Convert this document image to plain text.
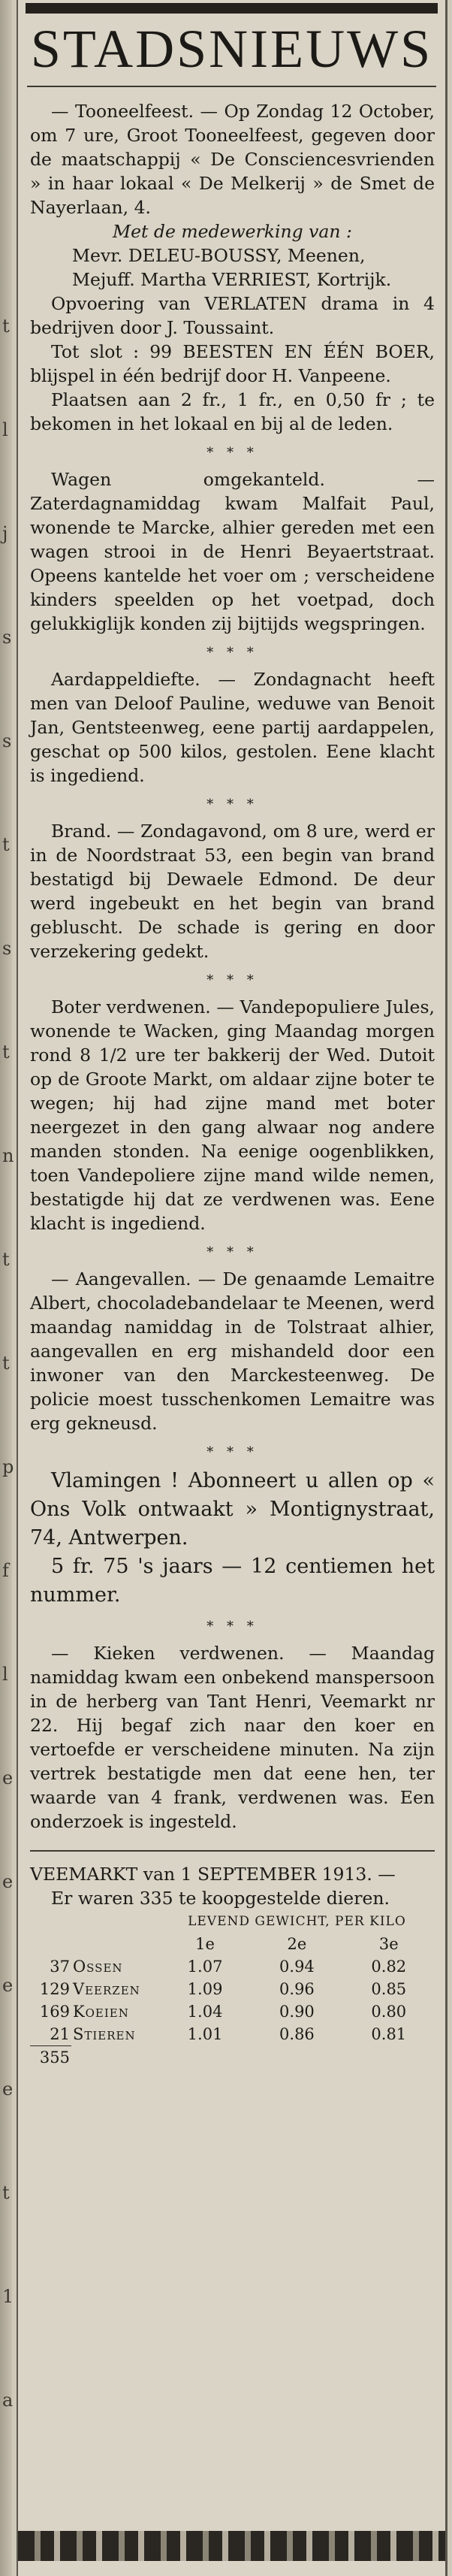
t
l
j
s
s
t
s
t
n
t
t
p
f
l
e
e
e
e
t
1
a
STADSNIEUWS

— Tooneelfeest. — Op Zondag 12 October, om 7 ure, Groot Tooneelfeest, gegeven door de maatschappij « De Consciencesvrienden » in haar lokaal « De Melkerij » de Smet de Nayerlaan, 4.

Met de medewerking van :

Mevr. DELEU-BOUSSY, Meenen,

Mejuff. Martha VERRIEST, Kortrijk.

Opvoering van VERLATEN drama in 4 bedrijven door J. Toussaint.

Tot slot : 99 BEESTEN EN ÉÉN BOER, blijspel in één bedrijf door H. Vanpeene.

Plaatsen aan 2 fr., 1 fr., en 0,50 fr ; te bekomen in het lokaal en bij al de leden.

* * *

Wagen omgekanteld. — Zaterdagnamiddag kwam Malfait Paul, wonende te Marcke, alhier gereden met een wagen strooi in de Henri Beyaertstraat. Opeens kantelde het voer om ; verscheidene kinders speelden op het voetpad, doch gelukkiglijk konden zij bijtijds wegspringen.

* * *

Aardappeldiefte. — Zondagnacht heeft men van Deloof Pauline, weduwe van Benoit Jan, Gentsteenweg, eene partij aardappelen, geschat op 500 kilos, gestolen. Eene klacht is ingediend.

* * *

Brand. — Zondagavond, om 8 ure, werd er in de Noordstraat 53, een begin van brand bestatigd bij Dewaele Edmond. De deur werd ingebeukt en het begin van brand gebluscht. De schade is gering en door verzekering gedekt.

* * *

Boter verdwenen. — Vandepopuliere Jules, wonende te Wacken, ging Maandag morgen rond 8 1/2 ure ter bakkerij der Wed. Dutoit op de Groote Markt, om aldaar zijne boter te wegen; hij had zijne mand met boter neergezet in den gang alwaar nog andere manden stonden. Na eenige oogenblikken, toen Vandepoliere zijne mand wilde nemen, bestatigde hij dat ze verdwenen was. Eene klacht is ingediend.

* * *

— Aangevallen. — De genaamde Lemaitre Albert, chocoladebandelaar te Meenen, werd maandag namiddag in de Tolstraat alhier, aangevallen en erg mishandeld door een inwoner van den Marckesteenweg. De policie moest tusschenkomen Lemaitre was erg gekneusd.

* * *

Vlamingen ! Abonneert u allen op « Ons Volk ontwaakt » Montignystraat, 74, Antwerpen.

5 fr. 75 's jaars — 12 centiemen het nummer.

* * *

— Kieken verdwenen. — Maandag namiddag kwam een onbekend manspersoon in de herberg van Tant Henri, Veemarkt nr 22. Hij begaf zich naar den koer en vertoefde er verscheidene minuten. Na zijn vertrek bestatigde men dat eene hen, ter waarde van 4 frank, verdwenen was. Een onderzoek is ingesteld.

VEEMARKT van 1 SEPTEMBER 1913. —

Er waren 335 te koopgestelde dieren.

		LEVEND GEWICHT, PER KILO		
		1e	2e	3e
37	Ossen	1.07	0.94	0.82
129	Veerzen	1.09	0.96	0.85
169	Koeien	1.04	0.90	0.80
21	Stieren	1.01	0.86	0.81
355				
